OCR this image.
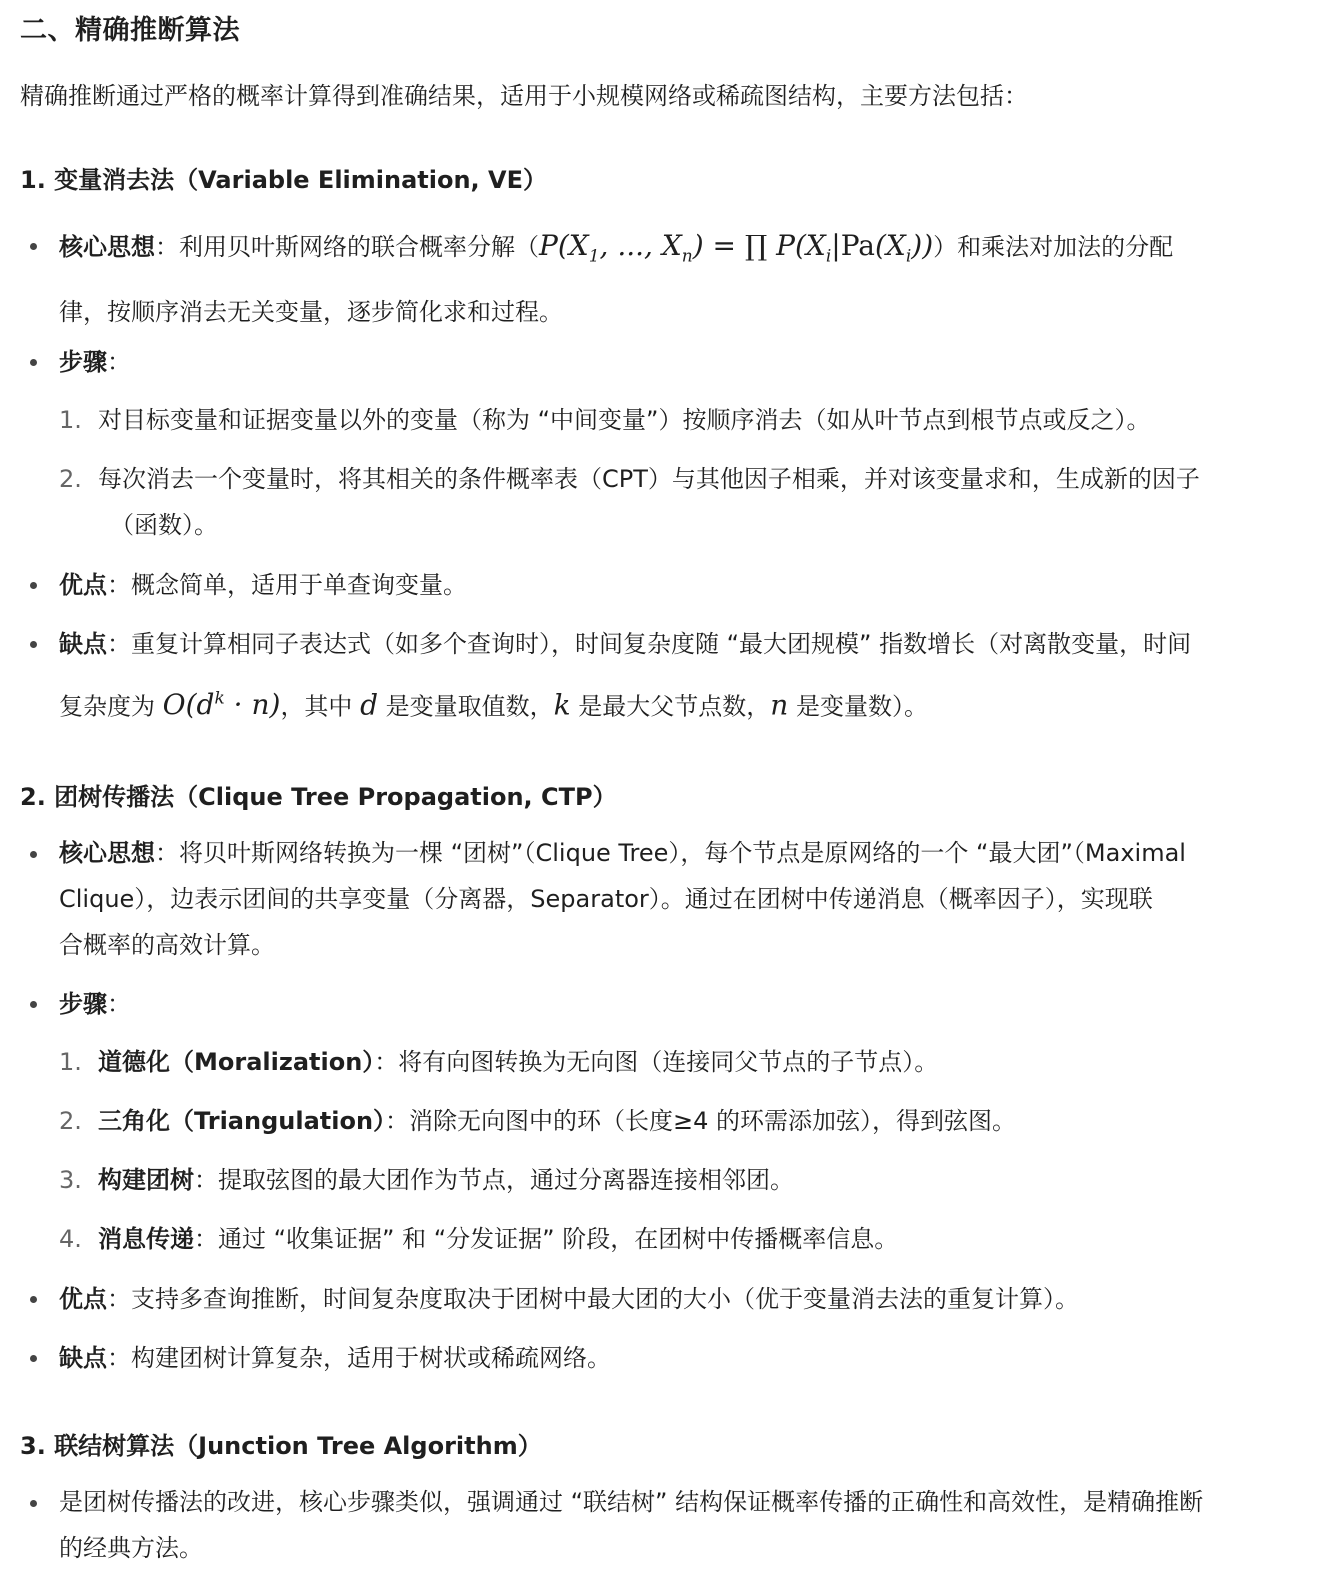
二、精确推断算法
精确推断通过严格的概率计算得到准确结果，适用于小规模网络或稀疏图结构，主要方法包括：
1. 变量消去法（Variable Elimination, VE）
核心思想：利用贝叶斯网络的联合概率分解（$P(X_1$, ..., $X_n$) = ∏ $P(X_i|Pa(X_i))$）和乘法对加法的分配
律，按顺序消去无关变量，逐步简化求和过程。
步骤：
1. 对目标变量和证据变量以外的变量（称为 “中间变量”）按顺序消去（如从叶节点到根节点或反之）。
2. 每次消去一个变量时，将其相关的条件概率表（CPT）与其他因子相乘，并对该变量求和，生成新的因子
（函数）。
优点：概念简单，适用于单查询变量。
缺点：重复计算相同子表达式（如多个查询时），时间复杂度随 “最大团规模” 指数增长（对离散变量，时间
复杂度为 $O(d^k \cdot n)$，其中 d 是变量取值数，k 是最大父节点数，n 是变量数）。
2. 团树传播法（Clique Tree Propagation, CTP）
核心思想：将贝叶斯网络转换为一棵 “团树”（Clique Tree），每个节点是原网络的一个 “最大团”（Maximal
Clique），边表示团间的共享变量（分离器，Separator）。通过在团树中传递消息（概率因子），实现联
合概率的高效计算。
步骤：
1. 道德化（Moralization）：将有向图转换为无向图（连接同父节点的子节点）。
2. 三角化（Triangulation）：消除无向图中的环（长度≥4 的环需添加弦），得到弦图。
3. 构建团树：提取弦图的最大团作为节点，通过分离器连接相邻团。
4. 消息传递：通过 “收集证据” 和 “分发证据” 阶段，在团树中传播概率信息。
优点：支持多查询推断，时间复杂度取决于团树中最大团的大小（优于变量消去法的重复计算）。
缺点：构建团树计算复杂，适用于树状或稀疏网络。
3. 联结树算法（Junction Tree Algorithm）
是团树传播法的改进，核心步骤类似，强调通过 “联结树” 结构保证概率传播的正确性和高效性，是精确推断
的经典方法。
